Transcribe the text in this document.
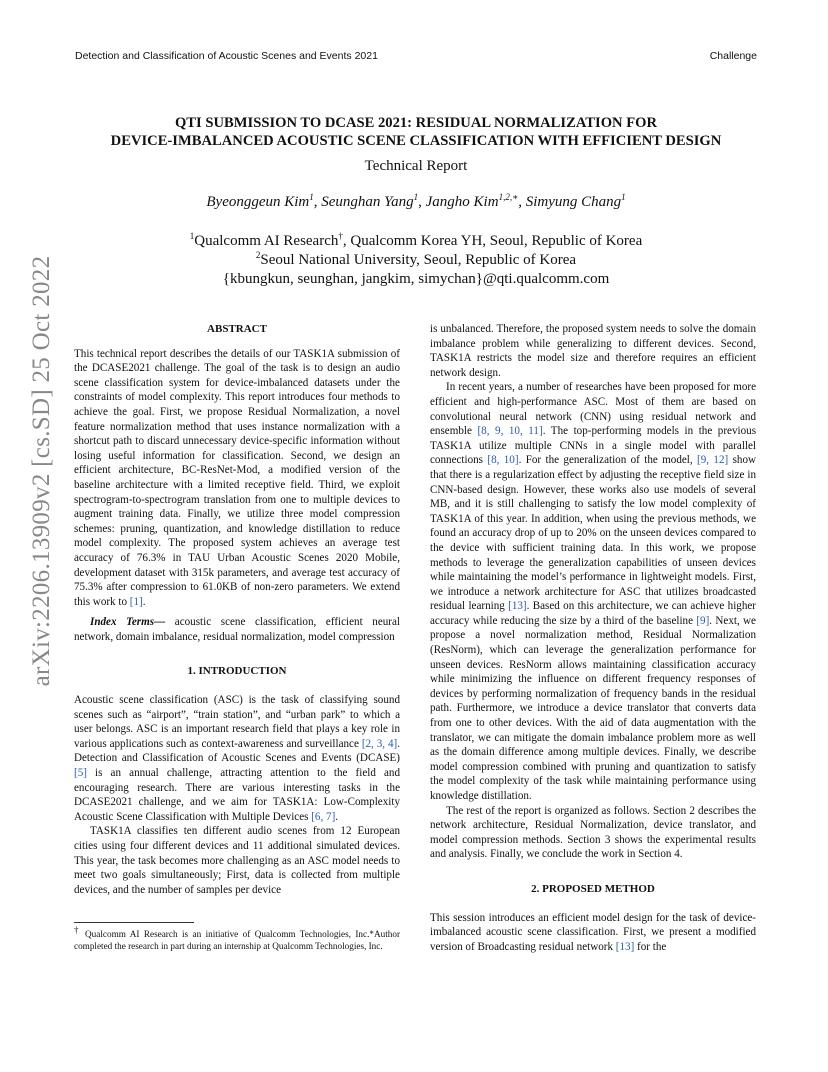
Detection and Classification of Acoustic Scenes and Events 2021	Challenge
arXiv:2206.13909v2 [cs.SD] 25 Oct 2022
QTI SUBMISSION TO DCASE 2021: RESIDUAL NORMALIZATION FOR
DEVICE-IMBALANCED ACOUSTIC SCENE CLASSIFICATION WITH EFFICIENT DESIGN
Technical Report
Byeonggeun Kim$^1$, Seunghan Yang$^1$, Jangho Kim$^{1,2,∗}$, Simyung Chang$^1$
$^1$Qualcomm AI Research†, Qualcomm Korea YH, Seoul, Republic of Korea
$^2$Seoul National University, Seoul, Republic of Korea
{kbungkun, seunghan, jangkim, simychan}@qti.qualcomm.com

ABSTRACT

This technical report describes the details of our TASK1A submission of the DCASE2021 challenge. The goal of the task is to design an audio scene classification system for device-imbalanced datasets under the constraints of model complexity. This report introduces four methods to achieve the goal. First, we propose Residual Normalization, a novel feature normalization method that uses instance normalization with a shortcut path to discard unnecessary device-specific information without losing useful information for classification. Second, we design an efficient architecture, BC-ResNet-Mod, a modified version of the baseline architecture with a limited receptive field. Third, we exploit spectrogram-to-spectrogram translation from one to multiple devices to augment training data. Finally, we utilize three model compression schemes: pruning, quantization, and knowledge distillation to reduce model complexity. The proposed system achieves an average test accuracy of 76.3% in TAU Urban Acoustic Scenes 2020 Mobile, development dataset with 315k parameters, and average test accuracy of 75.3% after compression to 61.0KB of non-zero parameters. We extend this work to [1].

Index Terms— acoustic scene classification, efficient neural network, domain imbalance, residual normalization, model compression

1. INTRODUCTION

Acoustic scene classification (ASC) is the task of classifying sound scenes such as “airport”, “train station”, and “urban park” to which a user belongs. ASC is an important research field that plays a key role in various applications such as context-awareness and surveillance [2, 3, 4]. Detection and Classification of Acoustic Scenes and Events (DCASE) [5] is an annual challenge, attracting attention to the field and encouraging research. There are various interesting tasks in the DCASE2021 challenge, and we aim for TASK1A: Low-Complexity Acoustic Scene Classification with Multiple Devices [6, 7].

TASK1A classifies ten different audio scenes from 12 European cities using four different devices and 11 additional simulated devices. This year, the task becomes more challenging as an ASC model needs to meet two goals simultaneously; First, data is collected from multiple devices, and the number of samples per device

is unbalanced. Therefore, the proposed system needs to solve the domain imbalance problem while generalizing to different devices. Second, TASK1A restricts the model size and therefore requires an efficient network design.

In recent years, a number of researches have been proposed for more efficient and high-performance ASC. Most of them are based on convolutional neural network (CNN) using residual network and ensemble [8, 9, 10, 11]. The top-performing models in the previous TASK1A utilize multiple CNNs in a single model with parallel connections [8, 10]. For the generalization of the model, [9, 12] show that there is a regularization effect by adjusting the receptive field size in CNN-based design. However, these works also use models of several MB, and it is still challenging to satisfy the low model complexity of TASK1A of this year. In addition, when using the previous methods, we found an accuracy drop of up to 20% on the unseen devices compared to the device with sufficient training data. In this work, we propose methods to leverage the generalization capabilities of unseen devices while maintaining the model’s performance in lightweight models. First, we introduce a network architecture for ASC that utilizes broadcasted residual learning [13]. Based on this architecture, we can achieve higher accuracy while reducing the size by a third of the baseline [9]. Next, we propose a novel normalization method, Residual Normalization (ResNorm), which can leverage the generalization performance for unseen devices. ResNorm allows maintaining classification accuracy while minimizing the influence on different frequency responses of devices by performing normalization of frequency bands in the residual path. Furthermore, we introduce a device translator that converts data from one to other devices. With the aid of data augmentation with the translator, we can mitigate the domain imbalance problem more as well as the domain difference among multiple devices. Finally, we describe model compression combined with pruning and quantization to satisfy the model complexity of the task while maintaining performance using knowledge distillation.

The rest of the report is organized as follows. Section 2 describes the network architecture, Residual Normalization, device translator, and model compression methods. Section 3 shows the experimental results and analysis. Finally, we conclude the work in Section 4.

2. PROPOSED METHOD

This session introduces an efficient model design for the task of device-imbalanced acoustic scene classification. First, we present a modified version of Broadcasting residual network [13] for the

† Qualcomm AI Research is an initiative of Qualcomm Technologies, Inc.*Author completed the research in part during an internship at Qualcomm Technologies, Inc.
